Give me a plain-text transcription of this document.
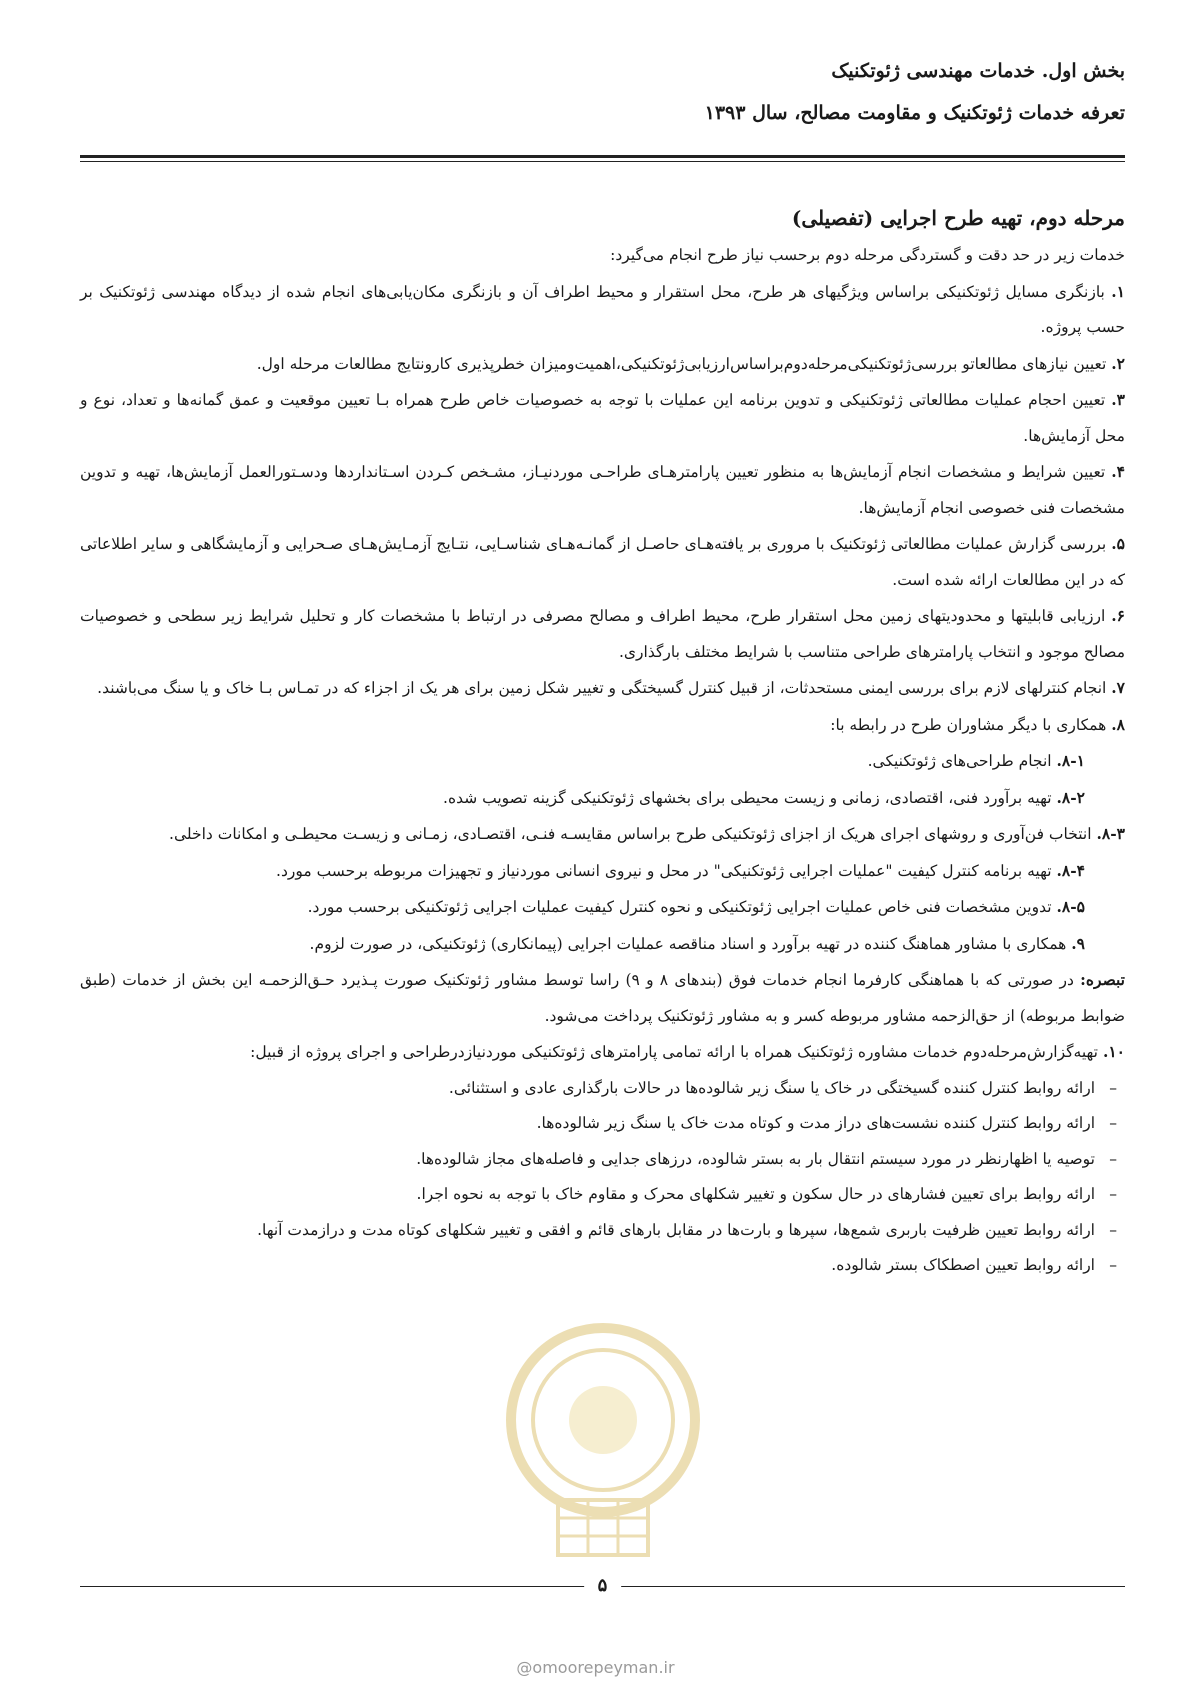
بخش اول. خدمات مهندسی ژئوتکنیک
تعرفه خدمات ژئوتکنیک و مقاومت مصالح، سال ۱۳۹۳
مرحله دوم، تهیه طرح اجرایی (تفصیلی)

خدمات زیر در حد دقت و گستردگی مرحله دوم برحسب نیاز طرح انجام می‌گیرد:

۱. بازنگری مسایل ژئوتکنیکی براساس ویژگیهای هر طرح، محل استقرار و محیط اطراف آن و بازنگری مکان‌یابی‌های انجام شده از دیدگاه مهندسی ژئوتکنیک بر حسب پروژه.

۲. تعیین نیازهای مطالعاتو بررسی‌ژئوتکنیکی‌مرحله‌دوم‌براساس‌ارزیابی‌ژئوتکنیکی،اهمیت‌ومیزان خطرپذیری کارونتایج مطالعات مرحله اول.

۳. تعیین احجام عملیات مطالعاتی ژئوتکنیکی و تدوین برنامه این عملیات با توجه به خصوصیات خاص طرح همراه بـا تعیین موقعیت و عمق گمانه‌ها و تعداد، نوع و محل آزمایش‌ها.

۴. تعیین شرایط و مشخصات انجام آزمایش‌ها به منظور تعیین پارامترهـای طراحـی موردنیـاز، مشـخص کـردن اسـتانداردها ودسـتورالعمل آزمایش‌ها، تهیه و تدوین مشخصات فنی خصوصی انجام آزمایش‌ها.

۵. بررسی گزارش عملیات مطالعاتی ژئوتکنیک با مروری بر یافته‌هـای حاصـل از گمانـه‌هـای شناسـایی، نتـایج آزمـایش‌هـای صـحرایی و آزمایشگاهی و سایر اطلاعاتی که در این مطالعات ارائه شده است.

۶. ارزیابی قابلیتها و محدودیتهای زمین محل استقرار طرح، محیط اطراف و مصالح مصرفی در ارتباط با مشخصات کار و تحلیل شرایط زیر سطحی و خصوصیات مصالح موجود و انتخاب پارامترهای طراحی متناسب با شرایط مختلف بارگذاری.

۷. انجام کنترلهای لازم برای بررسی ایمنی مستحدثات، از قبیل کنترل گسیختگی و تغییر شکل زمین برای هر یک از اجزاء که در تمـاس بـا خاک و یا سنگ می‌باشند.

۸. همکاری با دیگر مشاوران طرح در رابطه با:

۸-۱. انجام طراحی‌های ژئوتکنیکی.

۸-۲. تهیه برآورد فنی، اقتصادی، زمانی و زیست محیطی برای بخشهای ژئوتکنیکی گزینه تصویب شده.

۸-۳. انتخاب فن‌آوری و روشهای اجرای هریک از اجزای ژئوتکنیکی طرح براساس مقایسـه فنـی، اقتصـادی، زمـانی و زیسـت محیطـی و امکانات داخلی.

۸-۴. تهیه برنامه کنترل کیفیت "عملیات اجرایی ژئوتکنیکی" در محل و نیروی انسانی موردنیاز و تجهیزات مربوطه برحسب مورد.

۸-۵. تدوین مشخصات فنی خاص عملیات اجرایی ژئوتکنیکی و نحوه کنترل کیفیت عملیات اجرایی ژئوتکنیکی برحسب مورد.

۹. همکاری با مشاور هماهنگ کننده در تهیه برآورد و اسناد مناقصه عملیات اجرایی (پیمانکاری) ژئوتکنیکی، در صورت لزوم.

تبصره: در صورتی که با هماهنگی کارفرما انجام خدمات فوق (بندهای ۸ و ۹) راسا توسط مشاور ژئوتکنیک صورت پـذیرد حـق‌الزحمـه این بخش از خدمات (طبق ضوابط مربوطه) از حق‌الزحمه مشاور مربوطه کسر و به مشاور ژئوتکنیک پرداخت می‌شود.

۱۰. تهیه‌گزارش‌مرحله‌دوم خدمات مشاوره ژئوتکنیک همراه با ارائه تمامی پارامترهای ژئوتکنیکی موردنیازدرطراحی و اجرای پروژه از قبیل:

–ارائه روابط کنترل کننده گسیختگی در خاک یا سنگ زیر شالوده‌ها در حالات بارگذاری عادی و استثنائی.
–ارائه روابط کنترل کننده نشست‌های دراز مدت و کوتاه مدت خاک یا سنگ زیر شالوده‌ها.
–توصیه یا اظهارنظر در مورد سیستم انتقال بار به بستر شالوده، درزهای جدایی و فاصله‌های مجاز شالوده‌ها.
–ارائه روابط برای تعیین فشارهای در حال سکون و تغییر شکلهای محرک و مقاوم خاک با توجه به نحوه اجرا.
–ارائه روابط تعیین ظرفیت باربری شمع‌ها، سپرها و بارت‌ها در مقابل بارهای قائم و افقی و تغییر شکلهای کوتاه مدت و درازمدت آنها.
–ارائه روابط تعیین اصطکاک بستر شالوده.
۵
@omoorepeyman.ir
